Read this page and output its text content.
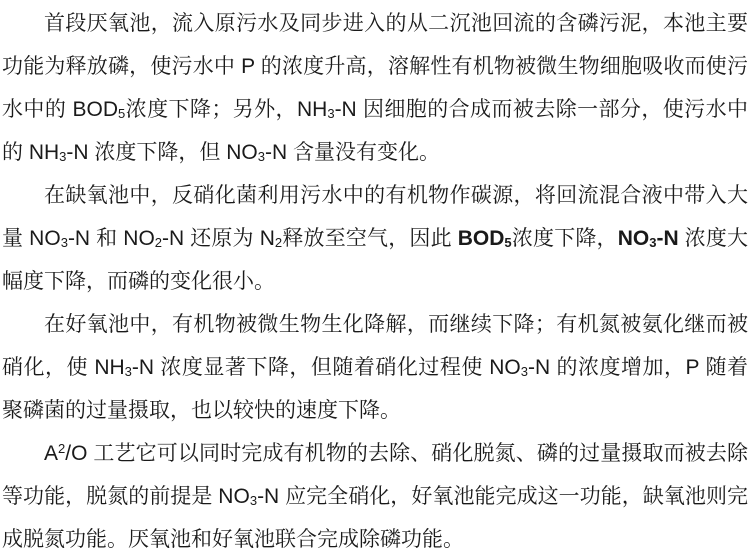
首段厌氧池，流入原污水及同步进入的从二沉池回流的含磷污泥，本池主要功能为释放磷，使污水中 P 的浓度升高，溶解性有机物被微生物细胞吸收而使污水中的 BOD5浓度下降；另外，NH3-N 因细胞的合成而被去除一部分，使污水中的 NH3-N 浓度下降，但 NO3-N 含量没有变化。

在缺氧池中，反硝化菌利用污水中的有机物作碳源，将回流混合液中带入大量 NO3-N 和 NO2-N 还原为 N2释放至空气，因此 BOD5浓度下降，NO3-N 浓度大幅度下降，而磷的变化很小。

在好氧池中，有机物被微生物生化降解，而继续下降；有机氮被氨化继而被硝化，使 NH3-N 浓度显著下降，但随着硝化过程使 NO3-N 的浓度增加，P 随着聚磷菌的过量摄取，也以较快的速度下降。

$A^2/O$ 工艺它可以同时完成有机物的去除、硝化脱氮、磷的过量摄取而被去除等功能，脱氮的前提是 NO3-N 应完全硝化，好氧池能完成这一功能，缺氧池则完成脱氮功能。厌氧池和好氧池联合完成除磷功能。
